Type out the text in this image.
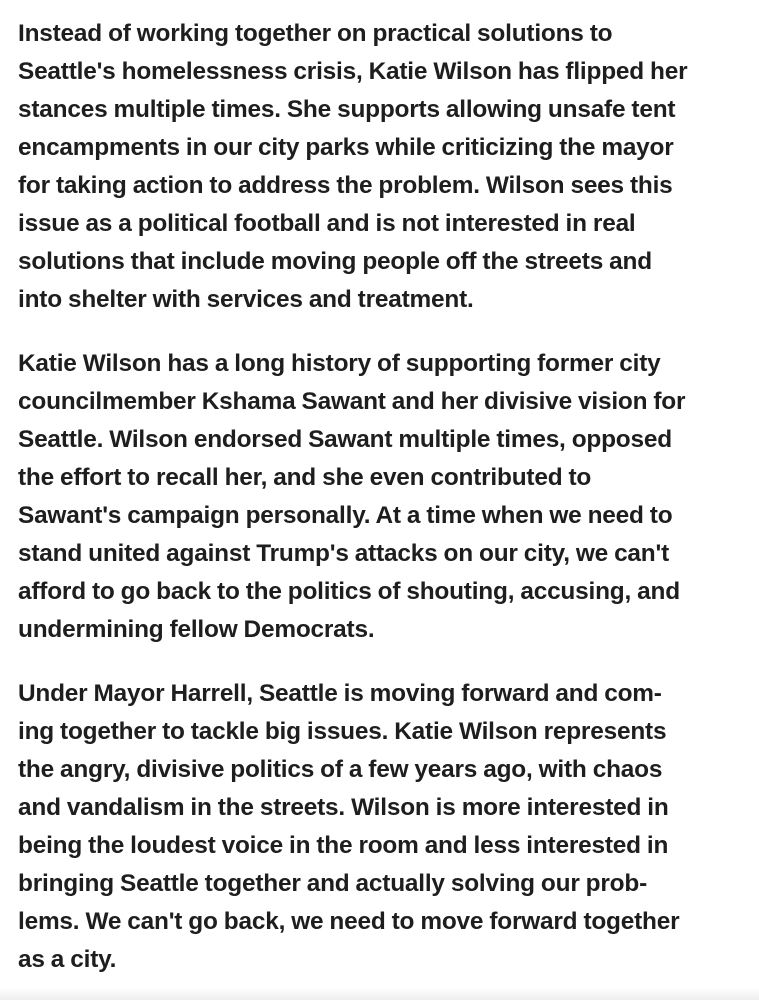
Instead of working together on practical solutions to
Seattle's homelessness crisis, Katie Wilson has flipped her
stances multiple times. She supports allowing unsafe tent
encampments in our city parks while criticizing the mayor
for taking action to address the problem. Wilson sees this
issue as a political football and is not interested in real
solutions that include moving people off the streets and
into shelter with services and treatment.

Katie Wilson has a long history of supporting former city
councilmember Kshama Sawant and her divisive vision for
Seattle. Wilson endorsed Sawant multiple times, opposed
the effort to recall her, and she even contributed to
Sawant's campaign personally. At a time when we need to
stand united against Trump's attacks on our city, we can't
afford to go back to the politics of shouting, accusing, and
undermining fellow Democrats.

Under Mayor Harrell, Seattle is moving forward and com-
ing together to tackle big issues. Katie Wilson represents
the angry, divisive politics of a few years ago, with chaos
and vandalism in the streets. Wilson is more interested in
being the loudest voice in the room and less interested in
bringing Seattle together and actually solving our prob-
lems. We can't go back, we need to move forward together
as a city.
